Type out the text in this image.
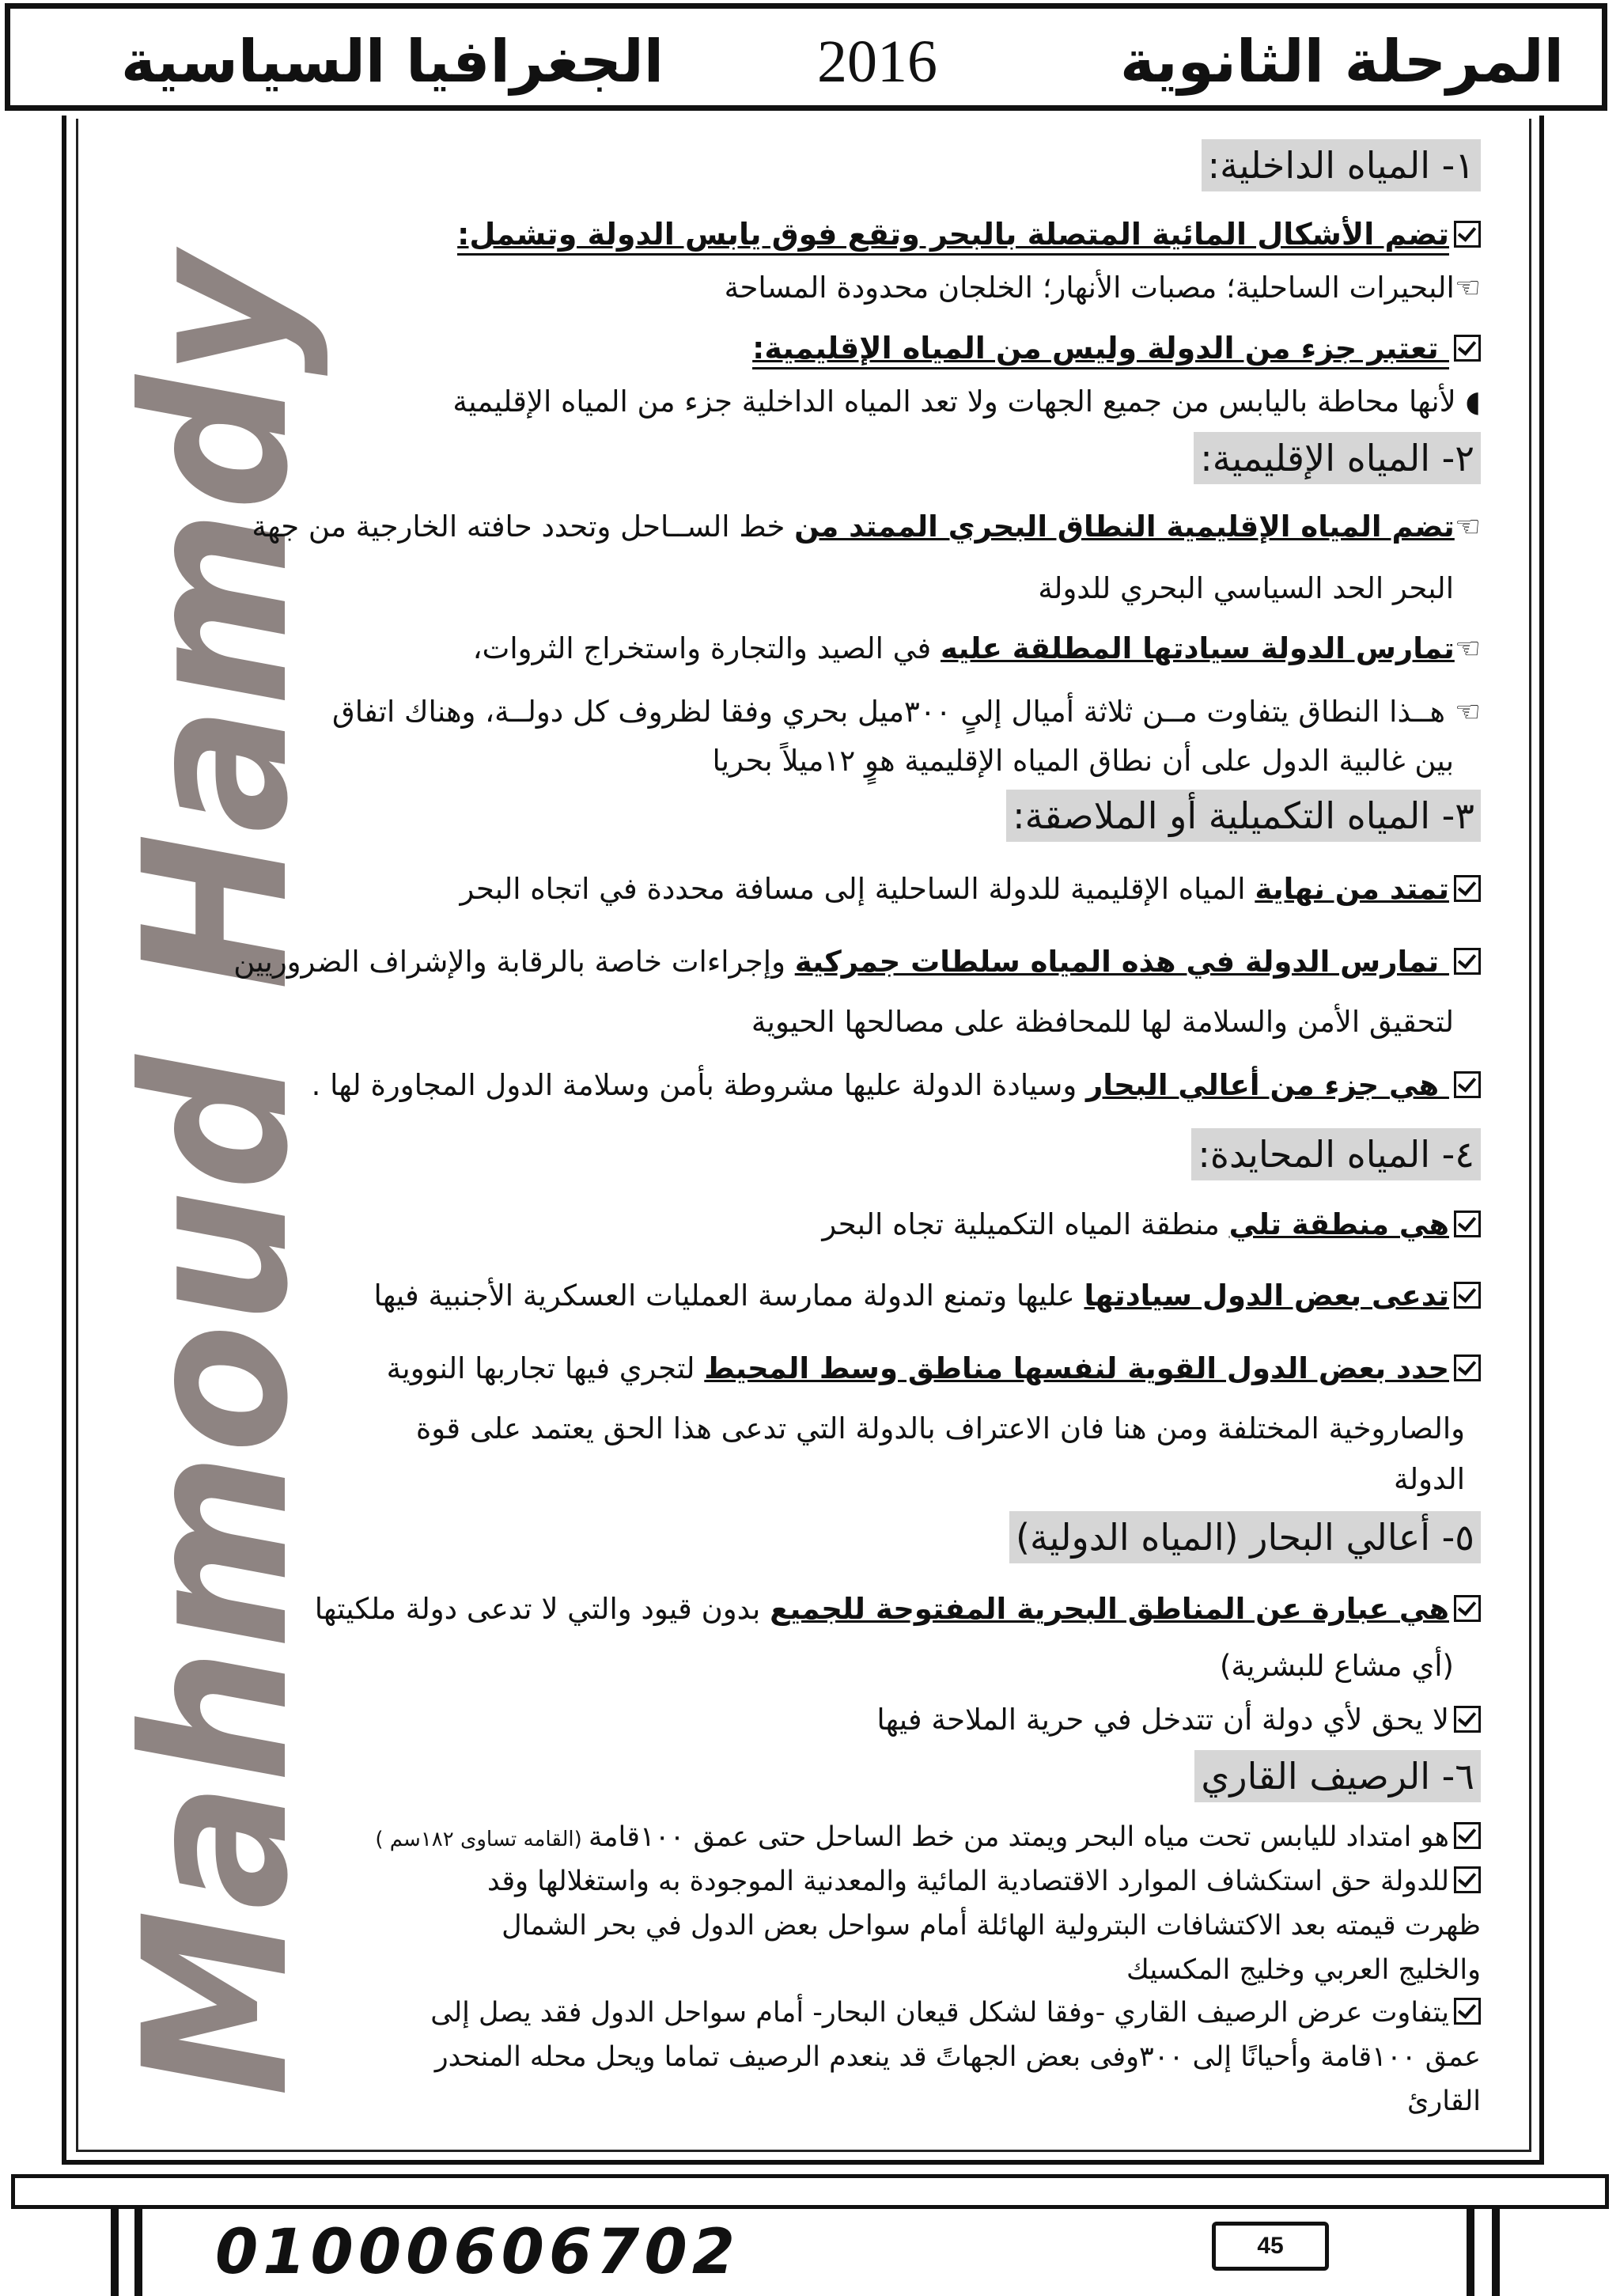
المرحلة الثانوية
2016
الجغرافيا السياسية
Mahmoud Hamdy	١- المياه الداخلية:
تضم الأشكال المائية المتصلة بالبحر وتقع فوق يابس الدولة وتشمل:
☜البحيرات الساحلية؛ مصبات الأنهار؛ الخلجان محدودة المساحة
تعتبر جزء من الدولة وليس من المياه الإقليمية:
◖ لأنها محاطة باليابس من جميع الجهات ولا تعد المياه الداخلية جزء من المياه الإقليمية
٢- المياه الإقليمية:
☜تضم المياه الإقليمية النطاق البحري الممتد من خط الســاحل وتحدد حافته الخارجية من جهة
البحر الحد السياسي البحري للدولة
☜تمارس الدولة سيادتها المطلقة عليه في الصيد والتجارة واستخراج الثروات،
☜ هــذا النطاق يتفاوت مــن ثلاثة أميال إلىٍ ٣٠٠ميل بحري وفقا لظروف كل دولــة، وهناك اتفاق
بين غالبية الدول على أن نطاق المياه الإقليمية هوٍ ١٢ميلاً بحريا
٣- المياه التكميلية أو الملاصقة:
تمتد من نهاية المياه الإقليمية للدولة الساحلية إلى مسافة محددة في اتجاه البحر
تمارس الدولة في هذه المياه سلطات جمركية وإجراءات خاصة بالرقابة والإشراف الضروريين
لتحقيق الأمن والسلامة لها للمحافظة على مصالحها الحيوية
هي جزء من أعالي البحار وسيادة الدولة عليها مشروطة بأمن وسلامة الدول المجاورة لها .
٤- المياه المحايدة:
هي منطقة تلي منطقة المياه التكميلية تجاه البحر
تدعى بعض الدول سيادتها عليها وتمنع الدولة ممارسة العمليات العسكرية الأجنبية فيها
حدد بعض الدول القوية لنفسها مناطق وسط المحيط لتجري فيها تجاربها النووية
والصاروخية المختلفة ومن هنا فان الاعتراف بالدولة التي تدعى هذا الحق يعتمد على قوة
الدولة
٥- أعالي البحار (المياه الدولية)
هي عبارة عن المناطق البحرية المفتوحة للجميع بدون قيود والتي لا تدعى دولة ملكيتها
(أي مشاع للبشرية)
لا يحق لأي دولة أن تتدخل في حرية الملاحة فيها
٦- الرصيف القاري
هو امتداد لليابس تحت مياه البحر ويمتد من خط الساحل حتى عمق ١٠٠قامة (القامه تساوى ١٨٢سم )
للدولة حق استكشاف الموارد الاقتصادية المائية والمعدنية الموجودة به واستغلالها وقد
ظهرت قيمته بعد الاكتشافات البترولية الهائلة أمام سواحل بعض الدول في بحر الشمال
والخليج العربي وخليج المكسيك
يتفاوت عرض الرصيف القاري -وفقا لشكل قيعان البحار- أمام سواحل الدول فقد يصل إلى
عمق ١٠٠قامة وأحيانًا إلى ٣٠٠وفى بعض الجهاتً قد ينعدم الرصيف تماما ويحل محله المنحدر
القارئ
01000606702	45
